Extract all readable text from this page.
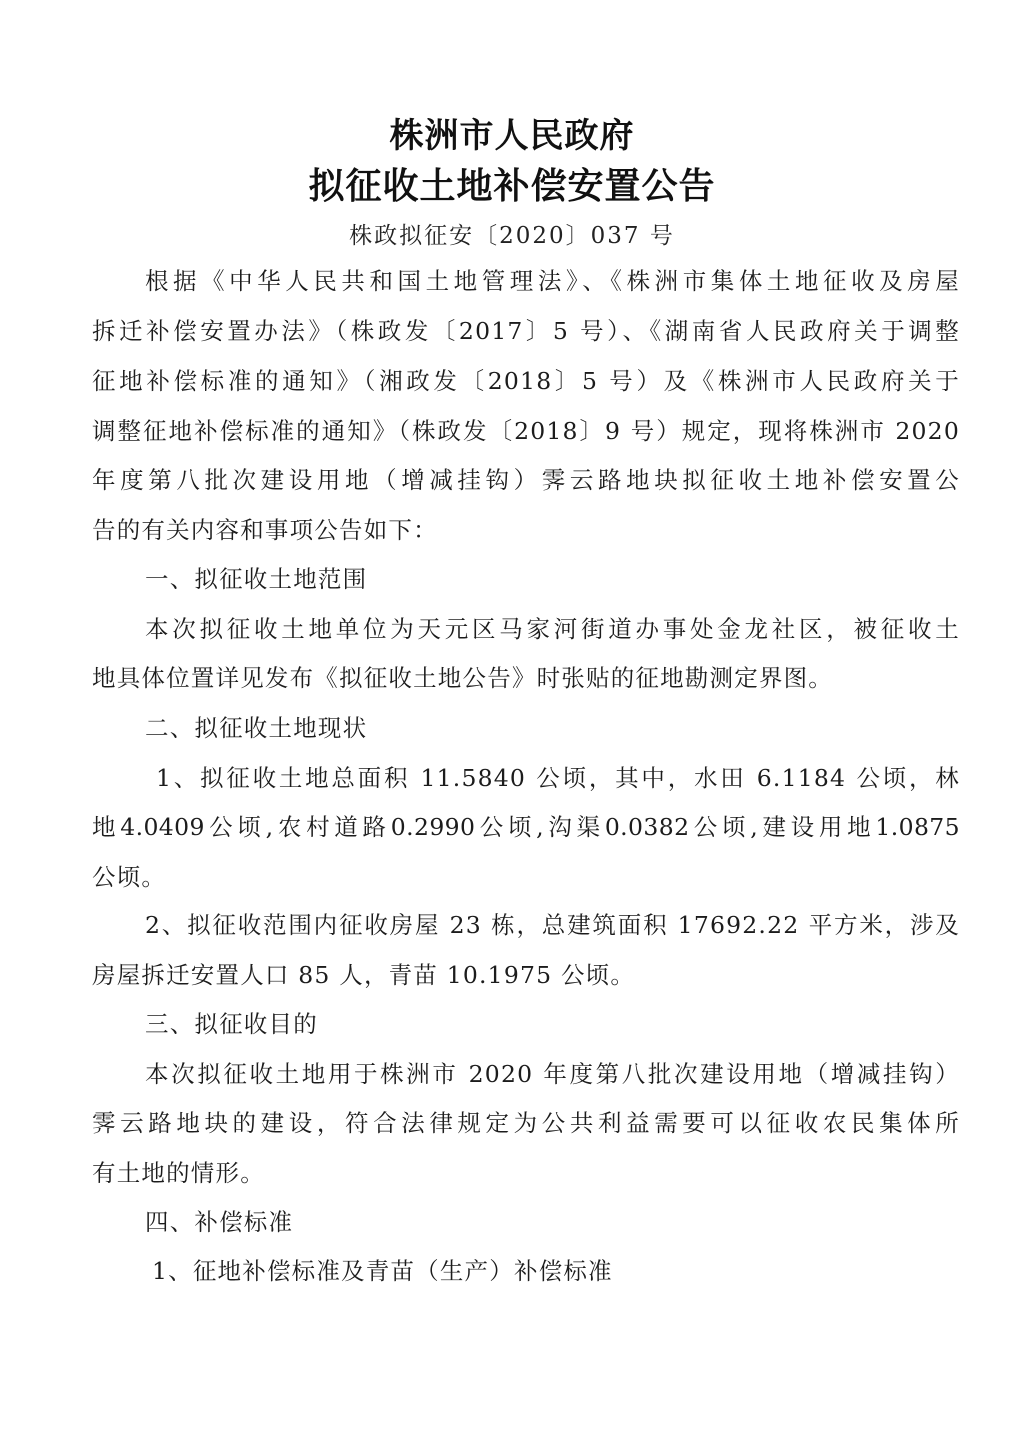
株洲市人民政府
拟征收土地补偿安置公告
株政拟征安〔2020〕037 号
根据《中华人民共和国土地管理法》、《株洲市集体土地征收及房屋
拆迁补偿安置办法》（株政发〔2017〕5 号）、《湖南省人民政府关于调整
征地补偿标准的通知》（湘政发〔2018〕5 号）及《株洲市人民政府关于
调整征地补偿标准的通知》（株政发〔2018〕9 号）规定，现将株洲市 2020
年度第八批次建设用地（增减挂钩）霁云路地块拟征收土地补偿安置公
告的有关内容和事项公告如下：
一、拟征收土地范围
本次拟征收土地单位为天元区马家河街道办事处金龙社区，被征收土
地具体位置详见发布《拟征收土地公告》时张贴的征地勘测定界图。
二、拟征收土地现状
1、拟征收土地总面积 11.5840 公顷，其中，水田 6.1184 公顷，林
地4.0409公顷,农村道路0.2990公顷,沟渠0.0382公顷,建设用地1.0875
公顷。
2、拟征收范围内征收房屋 23 栋，总建筑面积 17692.22 平方米，涉及
房屋拆迁安置人口 85 人，青苗 10.1975 公顷。
三、拟征收目的
本次拟征收土地用于株洲市 2020 年度第八批次建设用地（增减挂钩）
霁云路地块的建设，符合法律规定为公共利益需要可以征收农民集体所
有土地的情形。
四、补偿标准
1、征地补偿标准及青苗（生产）补偿标准
